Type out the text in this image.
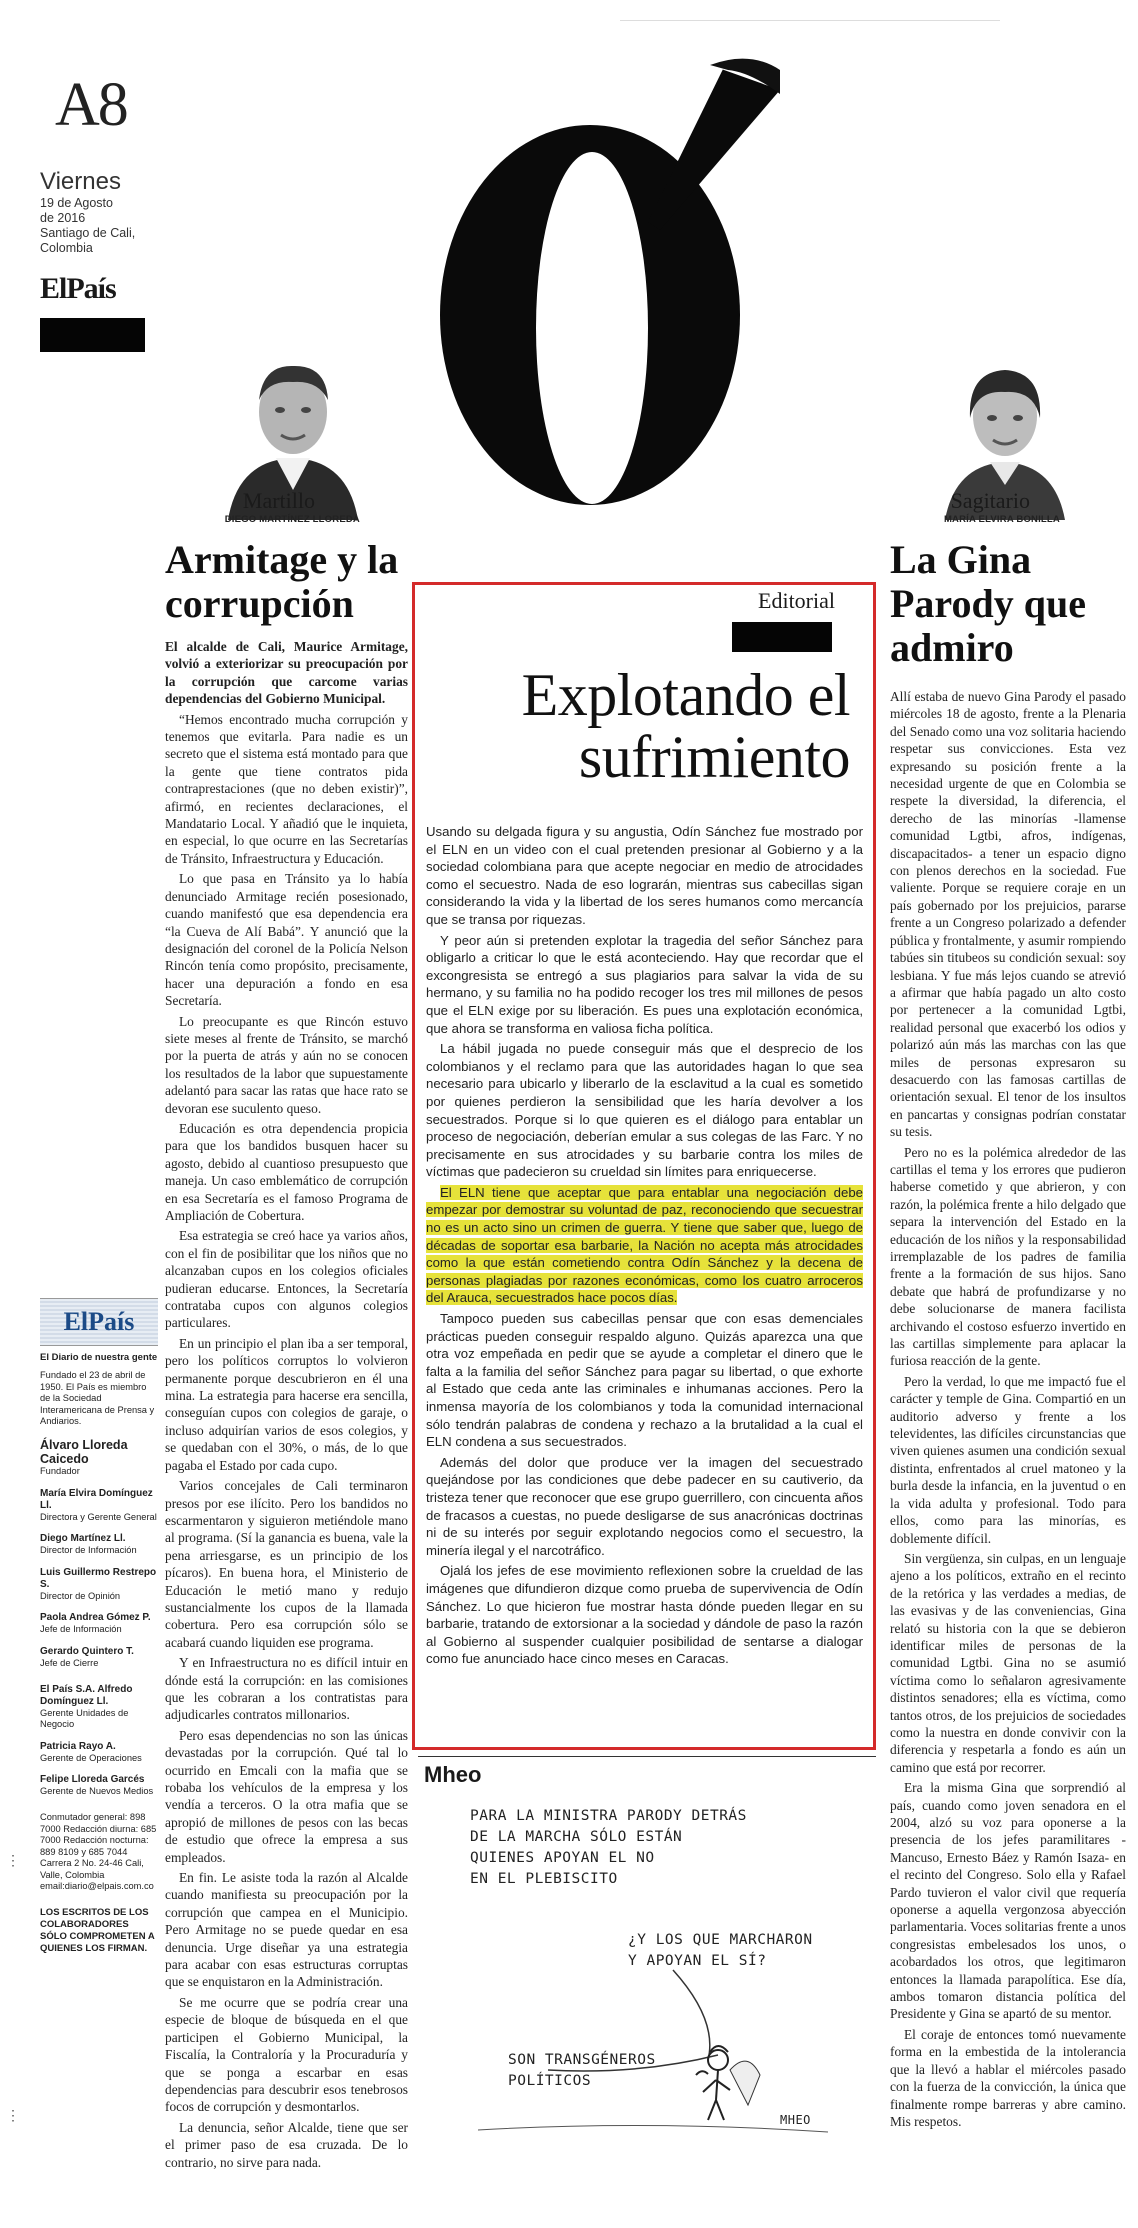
A8
Viernes
19 de Agosto
de 2016
Santiago de Cali,
Colombia
ElPaís
Martillo
DIEGO MARTÍNEZ LLOREDA
Armitage y la corrupción

El alcalde de Cali, Maurice Armitage, volvió a exteriorizar su preocupación por la corrupción que carcome varias dependencias del Gobierno Municipal.

“Hemos encontrado mucha corrupción y tenemos que evitarla. Para nadie es un secreto que el sistema está montado para que la gente que tiene contratos pida contraprestaciones (que no deben existir)”, afirmó, en recientes declaraciones, el Mandatario Local. Y añadió que le inquieta, en especial, lo que ocurre en las Secretarías de Tránsito, Infraestructura y Educación.

Lo que pasa en Tránsito ya lo había denunciado Armitage recién posesionado, cuando manifestó que esa dependencia era “la Cueva de Alí Babá”. Y anunció que la designación del coronel de la Policía Nelson Rincón tenía como propósito, precisamente, hacer una depuración a fondo en esa Secretaría.

Lo preocupante es que Rincón estuvo siete meses al frente de Tránsito, se marchó por la puerta de atrás y aún no se conocen los resultados de la labor que supuestamente adelantó para sacar las ratas que hace rato se devoran ese suculento queso.

Educación es otra dependencia propicia para que los bandidos busquen hacer su agosto, debido al cuantioso presupuesto que maneja. Un caso emblemático de corrupción en esa Secretaría es el famoso Programa de Ampliación de Cobertura.

Esa estrategia se creó hace ya varios años, con el fin de posibilitar que los niños que no alcanzaban cupos en los colegios oficiales pudieran educarse. Entonces, la Secretaría contrataba cupos con algunos colegios particulares.

En un principio el plan iba a ser temporal, pero los políticos corruptos lo volvieron permanente porque descubrieron en él una mina. La estrategia para hacerse era sencilla, conseguían cupos con colegios de garaje, o incluso adquirían varios de esos colegios, y se quedaban con el 30%, o más, de lo que pagaba el Estado por cada cupo.

Varios concejales de Cali terminaron presos por ese ilícito. Pero los bandidos no escarmentaron y siguieron metiéndole mano al programa. (Sí la ganancia es buena, vale la pena arriesgarse, es un principio de los pícaros). En buena hora, el Ministerio de Educación le metió mano y redujo sustancialmente los cupos de la llamada cobertura. Pero esa corrupción sólo se acabará cuando liquiden ese programa.

Y en Infraestructura no es difícil intuir en dónde está la corrupción: en las comisiones que les cobraran a los contratistas para adjudicarles contratos millonarios.

Pero esas dependencias no son las únicas devastadas por la corrupción. Qué tal lo ocurrido en Emcali con la mafia que se robaba los vehículos de la empresa y los vendía a terceros. O la otra mafia que se apropió de millones de pesos con las becas de estudio que ofrece la empresa a sus empleados.

En fin. Le asiste toda la razón al Alcalde cuando manifiesta su preocupación por la corrupción que campea en el Municipio. Pero Armitage no se puede quedar en esa denuncia. Urge diseñar ya una estrategia para acabar con esas estructuras corruptas que se enquistaron en la Administración.

Se me ocurre que se podría crear una especie de bloque de búsqueda en el que participen el Gobierno Municipal, la Fiscalía, la Contraloría y la Procuraduría y que se ponga a escarbar en esas dependencias para descubrir esos tenebrosos focos de corrupción y desmontarlos.

La denuncia, señor Alcalde, tiene que ser el primer paso de esa cruzada. De lo contrario, no sirve para nada.

ElPaís
El Diario de nuestra gente
Fundado el 23 de abril de 1950. El País es miembro de la Sociedad Interamericana de Prensa y Andiarios.
Álvaro Lloreda Caicedo
Fundador
María Elvira Domínguez Ll.
Directora y Gerente General
Diego Martínez Ll.
Director de Información
Luis Guillermo Restrepo S.
Director de Opinión
Paola Andrea Gómez P.
Jefe de Información
Gerardo Quintero T.
Jefe de Cierre
El País S.A. Alfredo Domínguez Ll.
Gerente Unidades de Negocio
Patricia Rayo A.
Gerente de Operaciones
Felipe Lloreda Garcés
Gerente de Nuevos Medios
Conmutador general: 898 7000 Redacción diurna: 685 7000 Redacción nocturna: 889 8109 y 685 7044 Carrera 2 No. 24-46 Cali, Valle, Colombia email:diario@elpais.com.co
LOS ESCRITOS DE LOS COLABORADORES SÓLO COMPROMETEN A QUIENES LOS FIRMAN.
Editorial
Explotando el
sufrimiento

Usando su delgada figura y su angustia, Odín Sánchez fue mostrado por el ELN en un video con el cual pretenden presionar al Gobierno y a la sociedad colombiana para que acepte negociar en medio de atrocidades como el secuestro. Nada de eso lograrán, mientras sus cabecillas sigan considerando la vida y la libertad de los seres humanos como mercancía que se transa por riquezas.

Y peor aún si pretenden explotar la tragedia del señor Sánchez para obligarlo a criticar lo que le está aconteciendo. Hay que recordar que el excongresista se entregó a sus plagiarios para salvar la vida de su hermano, y su familia no ha podido recoger los tres mil millones de pesos que el ELN exige por su liberación. Es pues una explotación económica, que ahora se transforma en valiosa ficha política.

La hábil jugada no puede conseguir más que el desprecio de los colombianos y el reclamo para que las autoridades hagan lo que sea necesario para ubicarlo y liberarlo de la esclavitud a la cual es sometido por quienes perdieron la sensibilidad que les haría devolver a los secuestrados. Porque si lo que quieren es el diálogo para entablar un proceso de negociación, deberían emular a sus colegas de las Farc. Y no precisamente en sus atrocidades y su barbarie contra los miles de víctimas que padecieron su crueldad sin límites para enriquecerse.

El ELN tiene que aceptar que para entablar una negociación debe empezar por demostrar su voluntad de paz, reconociendo que secuestrar no es un acto sino un crimen de guerra. Y tiene que saber que, luego de décadas de soportar esa barbarie, la Nación no acepta más atrocidades como la que están cometiendo contra Odín Sánchez y la decena de personas plagiadas por razones económicas, como los cuatro arroceros del Arauca, secuestrados hace pocos días.

Tampoco pueden sus cabecillas pensar que con esas demenciales prácticas pueden conseguir respaldo alguno. Quizás aparezca una que otra voz empeñada en pedir que se ayude a completar el dinero que le falta a la familia del señor Sánchez para pagar su libertad, o que exhorte al Estado que ceda ante las criminales e inhumanas acciones. Pero la inmensa mayoría de los colombianos y toda la comunidad internacional sólo tendrán palabras de condena y rechazo a la brutalidad a la cual el ELN condena a sus secuestrados.

Además del dolor que produce ver la imagen del secuestrado quejándose por las condiciones que debe padecer en su cautiverio, da tristeza tener que reconocer que ese grupo guerrillero, con cincuenta años de fracasos a cuestas, no puede desligarse de sus anacrónicas doctrinas ni de su interés por seguir explotando negocios como el secuestro, la minería ilegal y el narcotráfico.

Ojalá los jefes de ese movimiento reflexionen sobre la crueldad de las imágenes que difundieron dizque como prueba de supervivencia de Odín Sánchez. Lo que hicieron fue mostrar hasta dónde pueden llegar en su barbarie, tratando de extorsionar a la sociedad y dándole de paso la razón al Gobierno al suspender cualquier posibilidad de sentarse a dialogar como fue anunciado hace cinco meses en Caracas.

Mheo
PARA LA MINISTRA PARODY DETRÁS
DE LA MARCHA SÓLO ESTÁN
QUIENES APOYAN EL NO
EN EL PLEBISCITO
¿Y LOS QUE MARCHARON
Y APOYAN EL SÍ?
SON TRANSGÉNEROS
POLÍTICOS
MHEO
Sagitario
MARÍA ELVIRA BONILLA
La Gina Parody que admiro

Allí estaba de nuevo Gina Parody el pasado miércoles 18 de agosto, frente a la Plenaria del Senado como una voz solitaria haciendo respetar sus convicciones. Esta vez expresando su posición frente a la necesidad urgente de que en Colombia se respete la diversidad, la diferencia, el derecho de las minorías -llamense comunidad Lgtbi, afros, indígenas, discapacitados- a tener un espacio digno con plenos derechos en la sociedad. Fue valiente. Porque se requiere coraje en un país gobernado por los prejuicios, pararse frente a un Congreso polarizado a defender pública y frontalmente, y asumir rompiendo tabúes sin titubeos su condición sexual: soy lesbiana. Y fue más lejos cuando se atrevió a afirmar que había pagado un alto costo por pertenecer a la comunidad Lgtbi, realidad personal que exacerbó los odios y polarizó aún más las marchas con las que miles de personas expresaron su desacuerdo con las famosas cartillas de orientación sexual. El tenor de los insultos en pancartas y consignas podrían constatar su tesis.

Pero no es la polémica alrededor de las cartillas el tema y los errores que pudieron haberse cometido y que abrieron, y con razón, la polémica frente a hilo delgado que separa la intervención del Estado en la educación de los niños y la responsabilidad irremplazable de los padres de familia frente a la formación de sus hijos. Sano debate que habrá de profundizarse y no debe solucionarse de manera facilista archivando el costoso esfuerzo invertido en las cartillas simplemente para aplacar la furiosa reacción de la gente.

Pero la verdad, lo que me impactó fue el carácter y temple de Gina. Compartió en un auditorio adverso y frente a los televidentes, las difíciles circunstancias que viven quienes asumen una condición sexual distinta, enfrentados al cruel matoneo y la burla desde la infancia, en la juventud o en la vida adulta y profesional. Todo para ellos, como para las minorías, es doblemente difícil.

Sin vergüenza, sin culpas, en un lenguaje ajeno a los políticos, extraño en el recinto de la retórica y las verdades a medias, de las evasivas y de las conveniencias, Gina relató su historia con la que se debieron identificar miles de personas de la comunidad Lgtbi. Gina no se asumió víctima como lo señalaron agresivamente distintos senadores; ella es víctima, como tantos otros, de los prejuicios de sociedades como la nuestra en donde convivir con la diferencia y respetarla a fondo es aún un camino que está por recorrer.

Era la misma Gina que sorprendió al país, cuando como joven senadora en el 2004, alzó su voz para oponerse a la presencia de los jefes paramilitares -Mancuso, Ernesto Báez y Ramón Isaza- en el recinto del Congreso. Solo ella y Rafael Pardo tuvieron el valor civil que requería oponerse a aquella vergonzosa abyección parlamentaria. Voces solitarias frente a unos congresistas embelesados los unos, o acobardados los otros, que legitimaron entonces la llamada parapolítica. Ese día, ambos tomaron distancia política del Presidente y Gina se apartó de su mentor.

El coraje de entonces tomó nuevamente forma en la embestida de la intolerancia que la llevó a hablar el miércoles pasado con la fuerza de la convicción, la única que finalmente rompe barreras y abre camino. Mis respetos.

⋮
⋮
